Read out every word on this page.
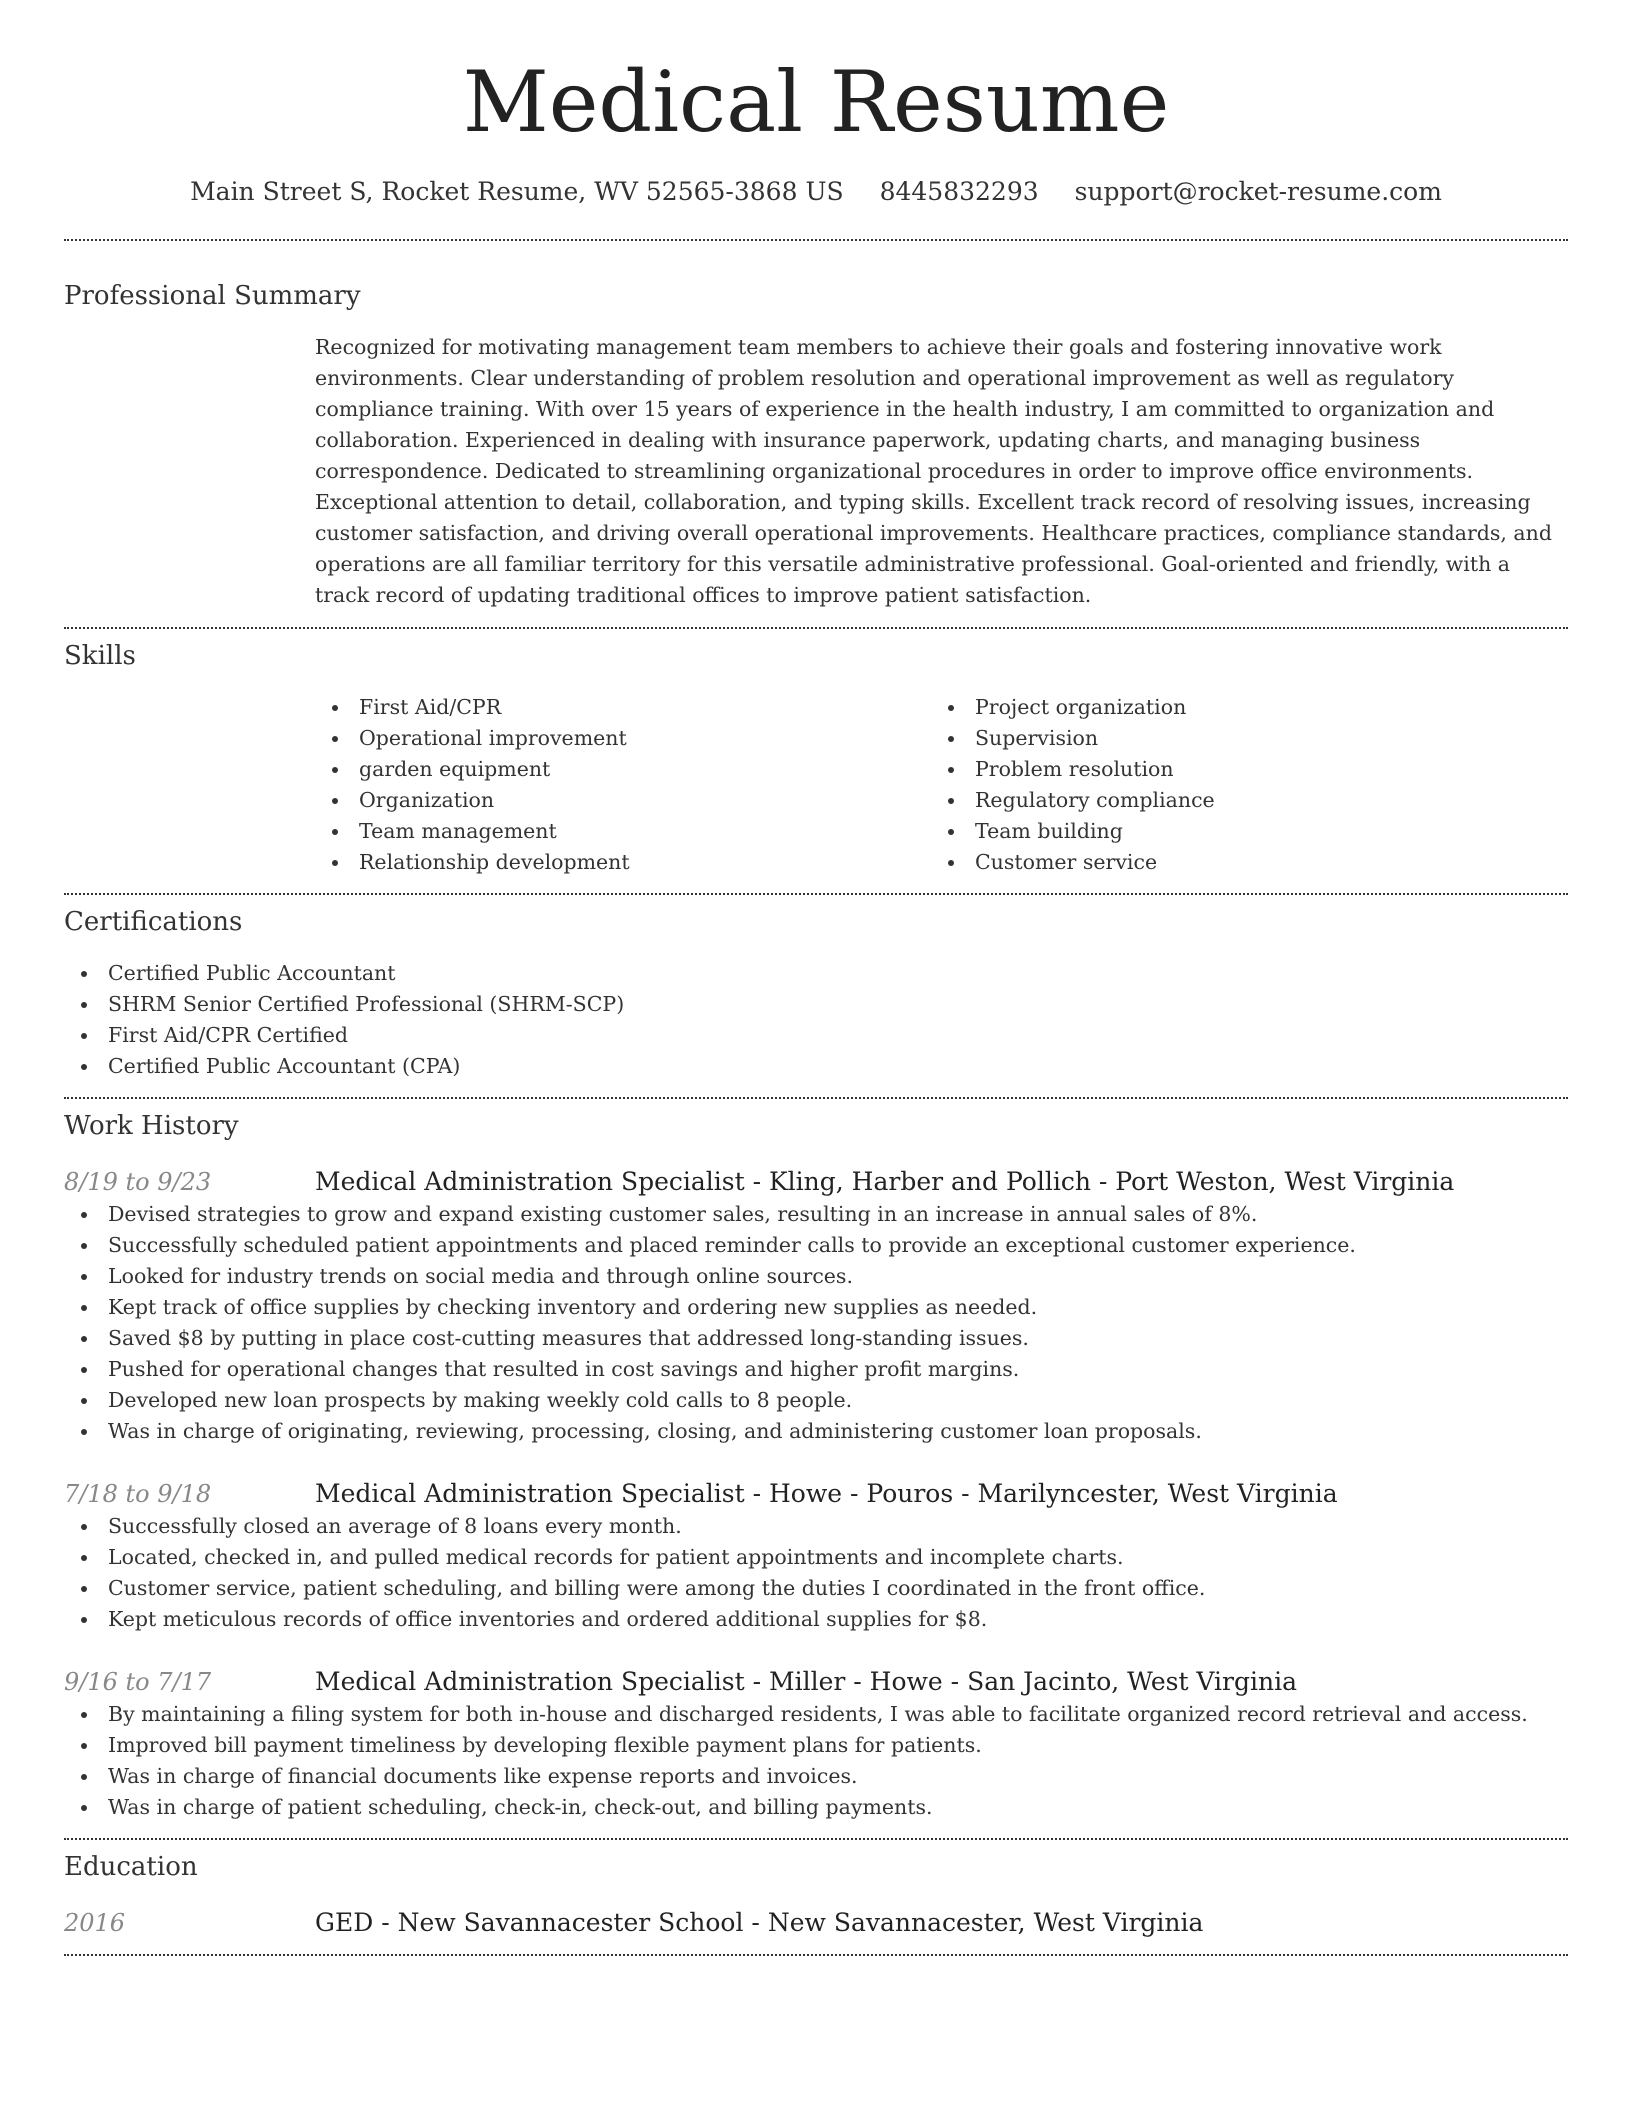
Medical Resume
Main Street S, Rocket Resume, WV 52565-3868 US 8445832293 support@rocket-resume.com
Professional Summary
Recognized for motivating management team members to achieve their goals and fostering innovative work environments. Clear understanding of problem resolution and operational improvement as well as regulatory compliance training. With over 15 years of experience in the health industry, I am committed to organization and collaboration. Experienced in dealing with insurance paperwork, updating charts, and managing business correspondence. Dedicated to streamlining organizational procedures in order to improve office environments. Exceptional attention to detail, collaboration, and typing skills. Excellent track record of resolving issues, increasing customer satisfaction, and driving overall operational improvements. Healthcare practices, compliance standards, and operations are all familiar territory for this versatile administrative professional. Goal-oriented and friendly, with a track record of updating traditional offices to improve patient satisfaction.
Skills
First Aid/CPR
Operational improvement
garden equipment
Organization
Team management
Relationship development
Project organization
Supervision
Problem resolution
Regulatory compliance
Team building
Customer service
Certifications
Certified Public Accountant
SHRM Senior Certified Professional (SHRM-SCP)
First Aid/CPR Certified
Certified Public Accountant (CPA)
Work History
8/19 to 9/23	Medical Administration Specialist - Kling, Harber and Pollich - Port Weston, West Virginia
Devised strategies to grow and expand existing customer sales, resulting in an increase in annual sales of 8%.
Successfully scheduled patient appointments and placed reminder calls to provide an exceptional customer experience.
Looked for industry trends on social media and through online sources.
Kept track of office supplies by checking inventory and ordering new supplies as needed.
Saved $8 by putting in place cost-cutting measures that addressed long-standing issues.
Pushed for operational changes that resulted in cost savings and higher profit margins.
Developed new loan prospects by making weekly cold calls to 8 people.
Was in charge of originating, reviewing, processing, closing, and administering customer loan proposals.
7/18 to 9/18	Medical Administration Specialist - Howe - Pouros - Marilyncester, West Virginia
Successfully closed an average of 8 loans every month.
Located, checked in, and pulled medical records for patient appointments and incomplete charts.
Customer service, patient scheduling, and billing were among the duties I coordinated in the front office.
Kept meticulous records of office inventories and ordered additional supplies for $8.
9/16 to 7/17	Medical Administration Specialist - Miller - Howe - San Jacinto, West Virginia
By maintaining a filing system for both in-house and discharged residents, I was able to facilitate organized record retrieval and access.
Improved bill payment timeliness by developing flexible payment plans for patients.
Was in charge of financial documents like expense reports and invoices.
Was in charge of patient scheduling, check-in, check-out, and billing payments.
Education
2016	GED - New Savannacester School - New Savannacester, West Virginia
